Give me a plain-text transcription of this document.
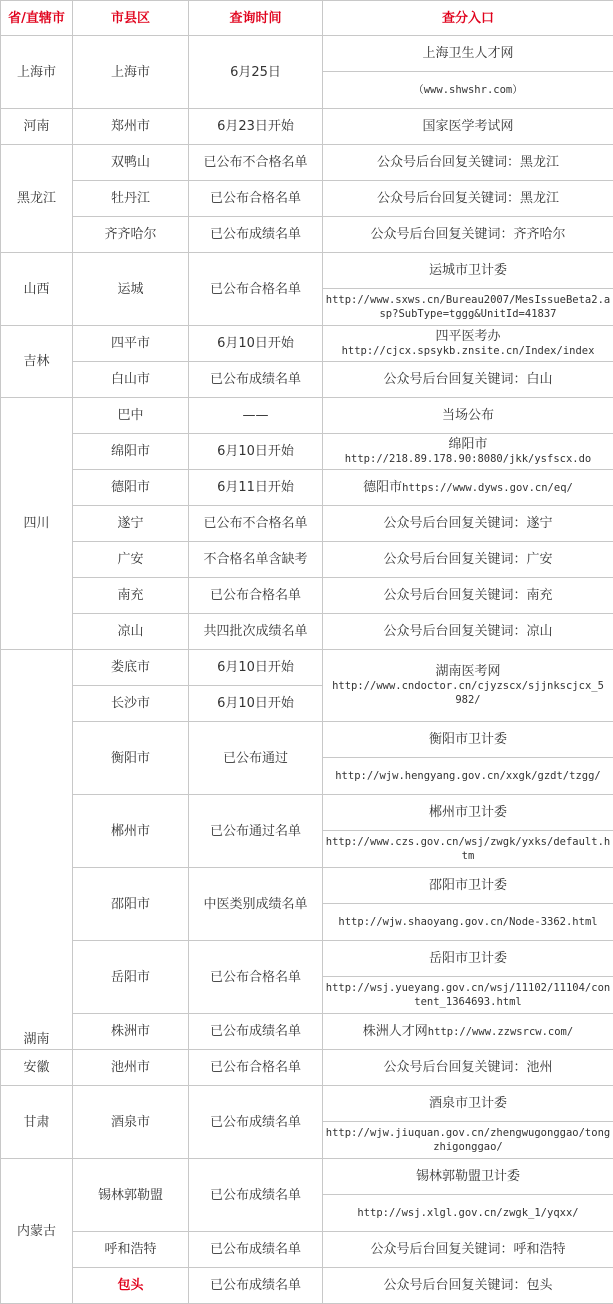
省/直辖市	市县区	查询时间	查分入口
上海市	上海市	6月25日	上海卫生人才网
（www.shwshr.com）

河南	郑州市	6月23日开始	国家医学考试网
黑龙江	双鸭山	已公布不合格名单	公众号后台回复关键词：黑龙江
	牡丹江	已公布合格名单	公众号后台回复关键词：黑龙江
	齐齐哈尔	已公布成绩名单	公众号后台回复关键词：齐齐哈尔
山西	运城	已公布合格名单	运城市卫计委
http://www.sxws.cn/Bureau2007/MesIssueBeta2.asp?SubType=tggg&UnitId=41837

吉林	四平市	6月10日开始	四平医考办
http://cjcx.spsykb.znsite.cn/Index/index

	白山市	已公布成绩名单	公众号后台回复关键词：白山
四川	巴中	——	当场公布
	绵阳市	6月10日开始	绵阳市
http://218.89.178.90:8080/jkk/ysfscx.do

	德阳市	6月11日开始	德阳市https://www.dyws.gov.cn/eq/
	遂宁	已公布不合格名单	公众号后台回复关键词：遂宁
	广安	不合格名单含缺考	公众号后台回复关键词：广安
	南充	已公布合格名单	公众号后台回复关键词：南充
	凉山	共四批次成绩名单	公众号后台回复关键词：凉山
湖南	娄底市	6月10日开始	湖南医考网
http://www.cndoctor.cn/cjyzscx/sjjnkscjcx_5982/

	长沙市	6月10日开始	
	衡阳市	已公布通过	衡阳市卫计委
http://wjw.hengyang.gov.cn/xxgk/gzdt/tzgg/

	郴州市	已公布通过名单	郴州市卫计委
http://www.czs.gov.cn/wsj/zwgk/yxks/default.htm

	邵阳市	中医类别成绩名单	邵阳市卫计委
http://wjw.shaoyang.gov.cn/Node-3362.html

	岳阳市	已公布合格名单	岳阳市卫计委
http://wsj.yueyang.gov.cn/wsj/11102/11104/content_1364693.html

	株洲市	已公布成绩名单	株洲人才网http://www.zzwsrcw.com/
安徽	池州市	已公布合格名单	公众号后台回复关键词：池州
甘肃	酒泉市	已公布成绩名单	酒泉市卫计委
http://wjw.jiuquan.gov.cn/zhengwugonggao/tongzhigonggao/

内蒙古	锡林郭勒盟	已公布成绩名单	锡林郭勒盟卫计委
http://wsj.xlgl.gov.cn/zwgk_1/yqxx/

	呼和浩特	已公布成绩名单	公众号后台回复关键词：呼和浩特
	包头	已公布成绩名单	公众号后台回复关键词：包头
